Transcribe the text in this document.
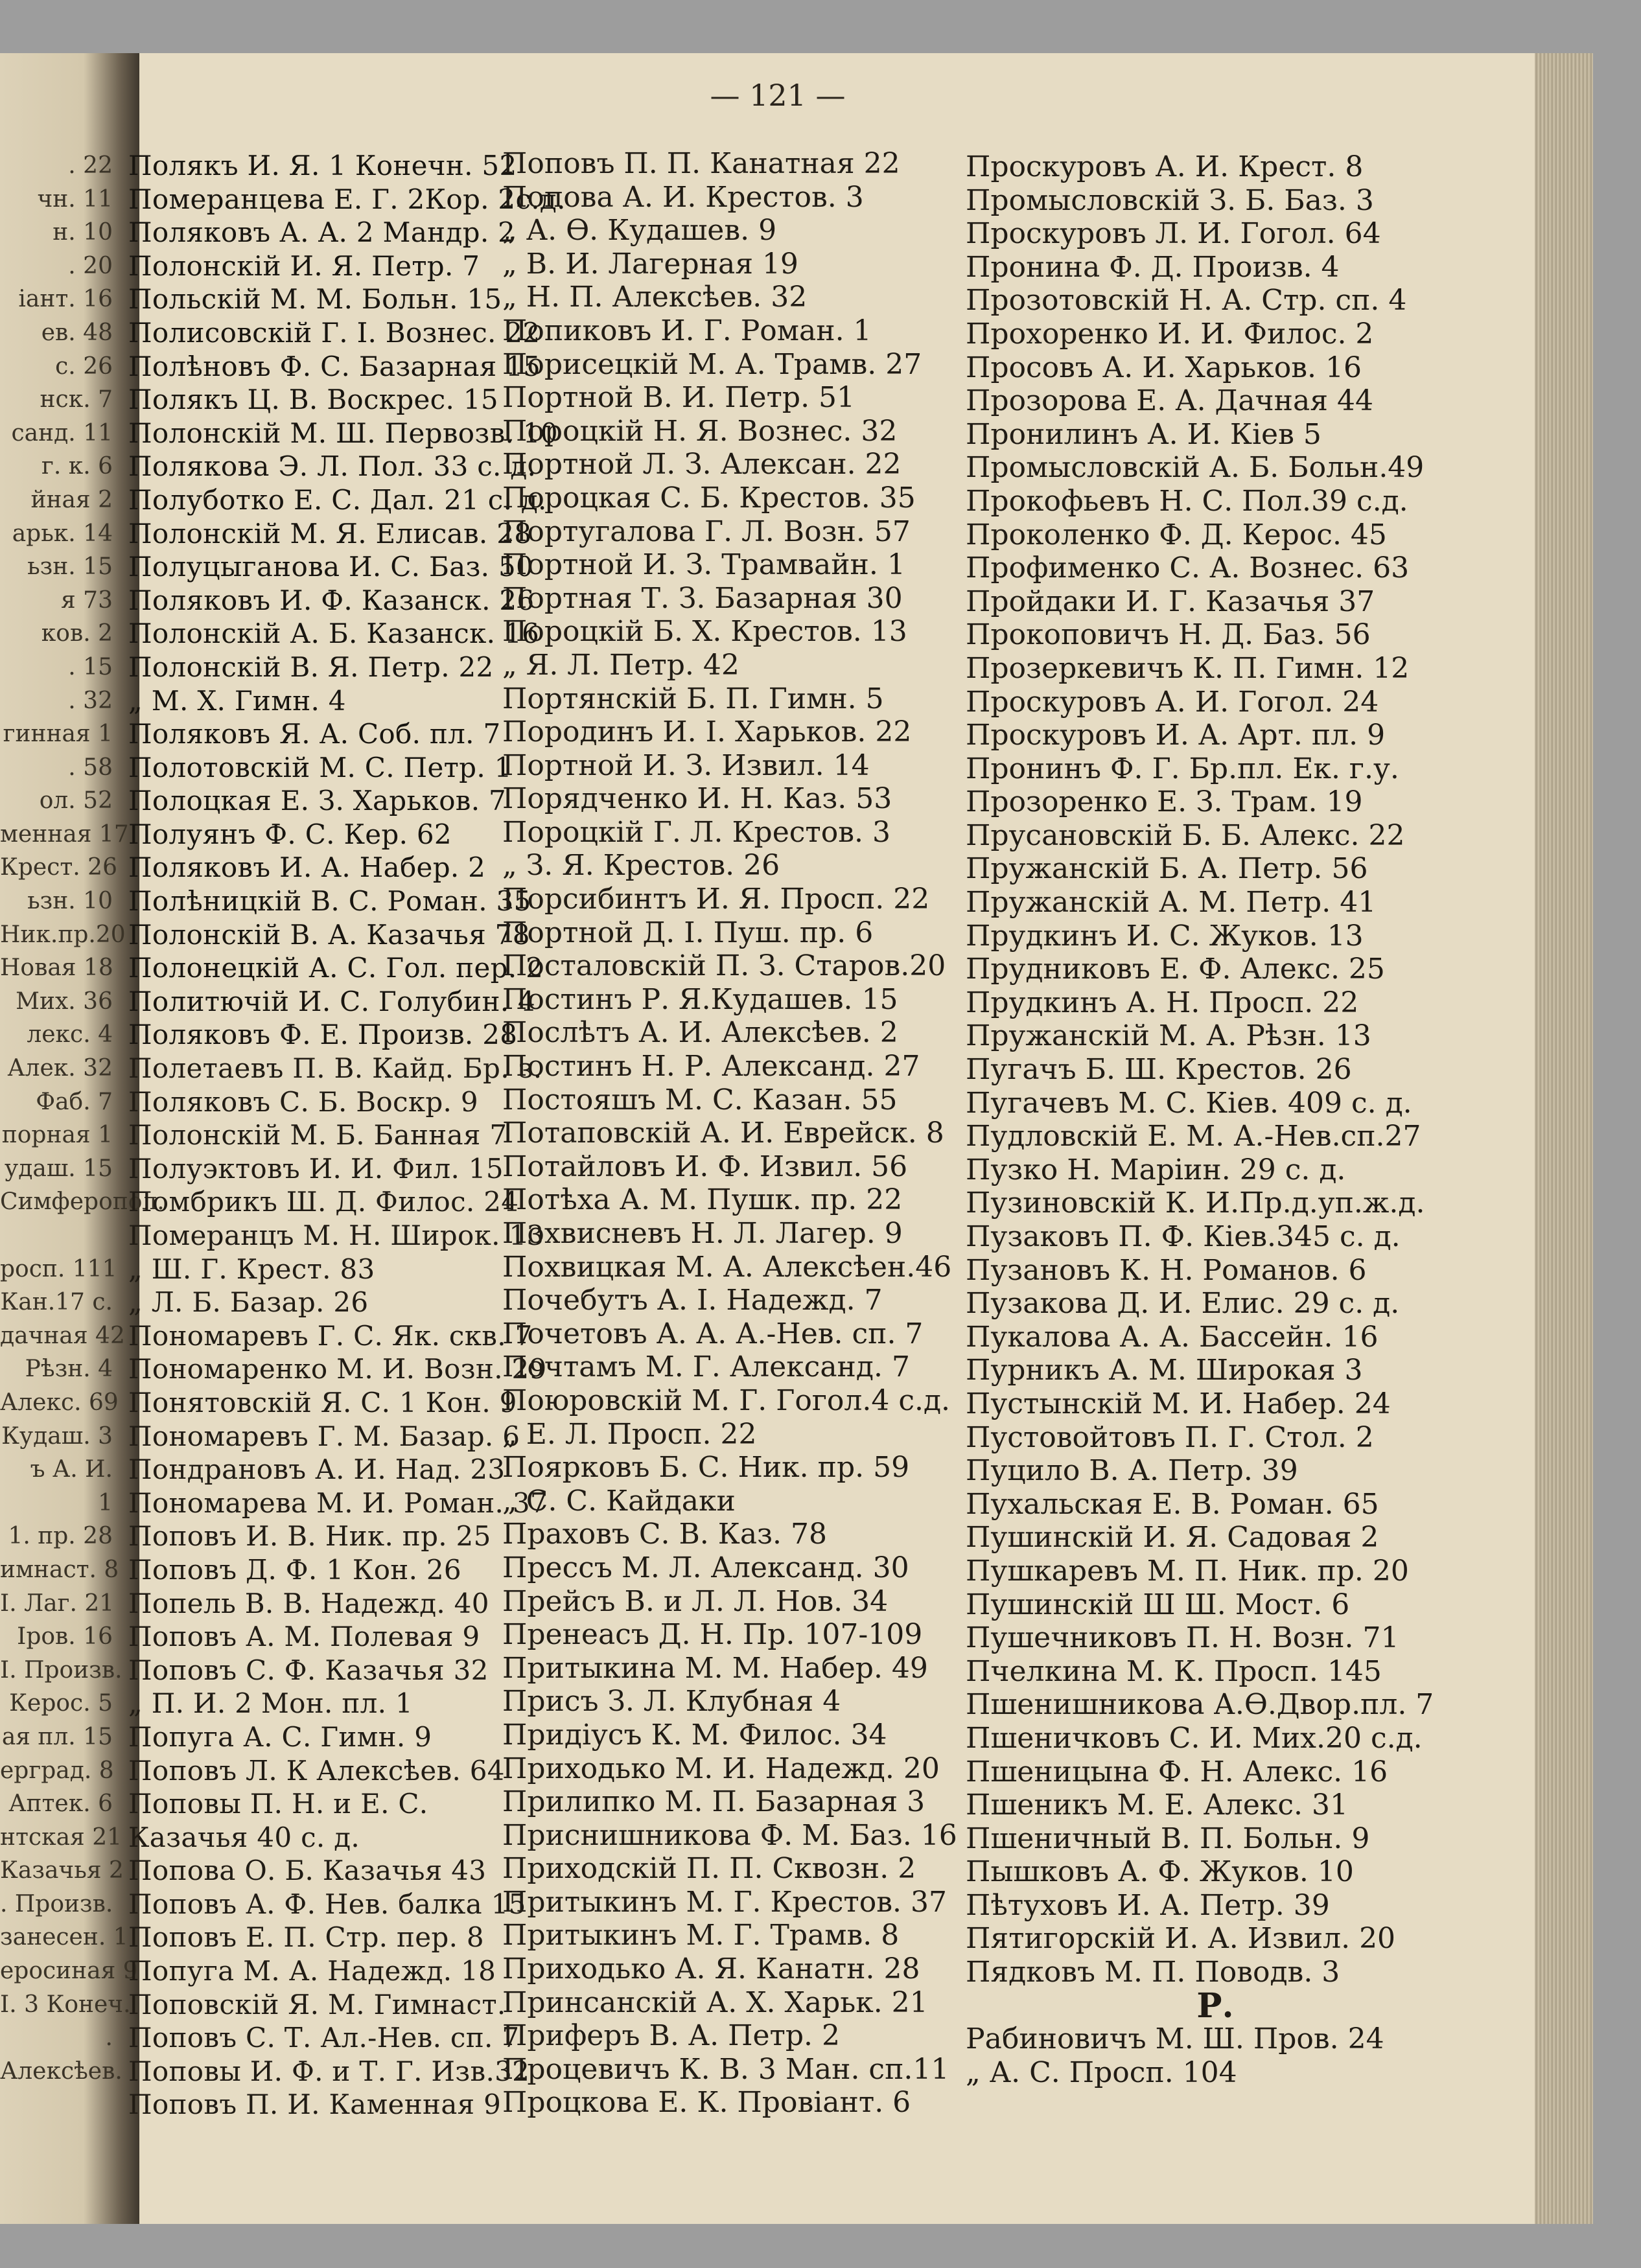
— 121 —
. 22
чн. 11
н. 10
. 20
іант. 16
ев. 48
с. 26
нск. 7
санд. 11
г. к. 6
йная 2
арьк. 14
ьзн. 15
я 73
ков. 2
. 15
. 32
гинная 1
. 58
ол. 52
менная 17
Крест. 26
ьзн. 10
Ник.пр.20
Новая 18
Мих. 36
лекс. 4
Алек. 32
Фаб. 7
порная 1
удаш. 15
Симферопол.
росп. 111
Кан.17 с.
дачная 42
Рѣзн. 4
Алекс. 69
Кудаш. 3
ъ А. И.
1
1. пр. 28
имнаст. 8
I. Лаг. 21
Іров. 16
I. Произв.
Керос. 5
ая пл. 15
ерград. 8
Аптек. 6
нтская 21
Казачья 2
. Произв.
занесен. 1
еросиная 9
I. 3 Конеч.
.
Алексѣев.
Полякъ И. Я. 1 Конечн. 52
Померанцева Е. Г. 2Кор. 2с.д.
Поляковъ А. А. 2 Мандр. 2
Полонскій И. Я. Петр. 7
Польскій М. М. Больн. 15
Полисовскій Г. І. Вознес. 22
Полѣновъ Ф. С. Базарная 15
Полякъ Ц. В. Воскрес. 15
Полонскій М. Ш. Первозв. 10
Полякова Э. Л. Пол. 33 с. д.
Полуботко Е. С. Дал. 21 с. д.
Полонскій М. Я. Елисав. 28
Полуцыганова И. С. Баз. 50
Поляковъ И. Ф. Казанск. 26
Полонскій А. Б. Казанск. 16
Полонскій В. Я. Петр. 22
„ М. Х. Гимн. 4
Поляковъ Я. А. Соб. пл. 7
Полотовскій М. С. Петр. 1
Полоцкая Е. З. Харьков. 7
Полуянъ Ф. С. Кер. 62
Поляковъ И. А. Набер. 2
Полѣницкій В. С. Роман. 35
Полонскій В. А. Казачья 78
Полонецкій А. С. Гол. пер. 2
Политючій И. С. Голубин. 4
Поляковъ Ф. Е. Произв. 28
Полетаевъ П. В. Кайд. Бр. з.
Поляковъ С. Б. Воскр. 9
Полонскій М. Б. Банная 7
Полуэктовъ И. И. Фил. 15
Помбрикъ Ш. Д. Филос. 24
Померанцъ М. Н. Широк. 13
„ Ш. Г. Крест. 83
„ Л. Б. Базар. 26
Пономаревъ Г. С. Як. скв. 7
Пономаренко М. И. Возн. 29
Понятовскій Я. С. 1 Кон. 9
Пономаревъ Г. М. Базар. 6
Пондрановъ А. И. Над. 23
Пономарева М. И. Роман. 37
Поповъ И. В. Ник. пр. 25
Поповъ Д. Ф. 1 Кон. 26
Попель В. В. Надежд. 40
Поповъ А. М. Полевая 9
Поповъ С. Ф. Казачья 32
„ П. И. 2 Мон. пл. 1
Попуга А. С. Гимн. 9
Поповъ Л. К Алексѣев. 64
Поповы П. Н. и Е. С.
Казачья 40 с. д.
Попова О. Б. Казачья 43
Поповъ А. Ф. Нев. балка 15
Поповъ Е. П. Стр. пер. 8
Попуга М. А. Надежд. 18
Поповскій Я. М. Гимнаст.
Поповъ С. Т. Ал.-Нев. сп. 7
Поповы И. Ф. и Т. Г. Изв.32
Поповъ П. И. Каменная 9
Поповъ П. П. Канатная 22
Попова А. И. Крестов. 3
„ А. Ѳ. Кудашев. 9
„ В. И. Лагерная 19
„ Н. П. Алексѣев. 32
Попиковъ И. Г. Роман. 1
Порисецкій М. А. Трамв. 27
Портной В. И. Петр. 51
Пороцкій Н. Я. Вознес. 32
Портной Л. З. Алексан. 22
Пороцкая С. Б. Крестов. 35
Португалова Г. Л. Возн. 57
Портной И. З. Трамвайн. 1
Портная Т. З. Базарная 30
Пороцкій Б. Х. Крестов. 13
„ Я. Л. Петр. 42
Портянскій Б. П. Гимн. 5
Породинъ И. І. Харьков. 22
Портной И. З. Извил. 14
Порядченко И. Н. Каз. 53
Пороцкій Г. Л. Крестов. 3
„ З. Я. Крестов. 26
Порсибинтъ И. Я. Просп. 22
Портной Д. І. Пуш. пр. 6
Посталовскій П. З. Старов.20
Постинъ Р. Я.Кудашев. 15
Послѣтъ А. И. Алексѣев. 2
Постинъ Н. Р. Александ. 27
Постояшъ М. С. Казан. 55
Потаповскій А. И. Еврейск. 8
Потайловъ И. Ф. Извил. 56
Потѣха А. М. Пушк. пр. 22
Похвисневъ Н. Л. Лагер. 9
Похвицкая М. А. Алексѣен.46
Почебутъ А. І. Надежд. 7
Почетовъ А. А. А.-Нев. сп. 7
Почтамъ М. Г. Александ. 7
Поюровскій М. Г. Гогол.4 с.д.
„ Е. Л. Просп. 22
Поярковъ Б. С. Ник. пр. 59
„ С. С. Кайдаки
Праховъ С. В. Каз. 78
Прессъ М. Л. Александ. 30
Прейсъ В. и Л. Л. Нов. 34
Пренеасъ Д. Н. Пр. 107-109
Притыкина М. М. Набер. 49
Присъ З. Л. Клубная 4
Придіусъ К. М. Филос. 34
Приходько М. И. Надежд. 20
Прилипко М. П. Базарная 3
Приснишникова Ф. М. Баз. 16
Приходскій П. П. Сквозн. 2
Притыкинъ М. Г. Крестов. 37
Притыкинъ М. Г. Трамв. 8
Приходько А. Я. Канатн. 28
Принсанскій А. Х. Харьк. 21
Приферъ В. А. Петр. 2
Процевичъ К. В. 3 Ман. сп.11
Процкова Е. К. Провіант. 6
Проскуровъ А. И. Крест. 8
Промысловскій З. Б. Баз. 3
Проскуровъ Л. И. Гогол. 64
Пронина Ф. Д. Произв. 4
Прозотовскій Н. А. Стр. сп. 4
Прохоренко И. И. Филос. 2
Просовъ А. И. Харьков. 16
Прозорова Е. А. Дачная 44
Пронилинъ А. И. Кiев 5
Промысловскій А. Б. Больн.49
Прокофьевъ Н. С. Пол.39 с.д.
Проколенко Ф. Д. Керос. 45
Профименко С. А. Вознес. 63
Пройдаки И. Г. Казачья 37
Прокоповичъ Н. Д. Баз. 56
Прозеркевичъ К. П. Гимн. 12
Проскуровъ А. И. Гогол. 24
Проскуровъ И. А. Арт. пл. 9
Пронинъ Ф. Г. Бр.пл. Ек. г.у.
Прозоренко Е. З. Трам. 19
Прусановскій Б. Б. Алекс. 22
Пружанскій Б. А. Петр. 56
Пружанскій А. М. Петр. 41
Прудкинъ И. С. Жуков. 13
Прудниковъ Е. Ф. Алекс. 25
Прудкинъ А. Н. Просп. 22
Пружанскій М. А. Рѣзн. 13
Пугачъ Б. Ш. Крестов. 26
Пугачевъ М. С. Кiев. 409 с. д.
Пудловскій Е. М. А.-Нев.сп.27
Пузко Н. Маріин. 29 с. д.
Пузиновскій К. И.Пр.д.уп.ж.д.
Пузаковъ П. Ф. Кiев.345 с. д.
Пузановъ К. Н. Романов. 6
Пузакова Д. И. Елис. 29 с. д.
Пукалова А. А. Бассейн. 16
Пурникъ А. М. Широкая 3
Пустынскій М. И. Набер. 24
Пустовойтовъ П. Г. Стол. 2
Пуцило В. А. Петр. 39
Пухальская Е. В. Роман. 65
Пушинскій И. Я. Садовая 2
Пушкаревъ М. П. Ник. пр. 20
Пушинскій Ш Ш. Мост. 6
Пушечниковъ П. Н. Возн. 71
Пчелкина М. К. Просп. 145
Пшенишникова А.Ѳ.Двор.пл. 7
Пшеничковъ С. И. Мих.20 с.д.
Пшеницына Ф. Н. Алекс. 16
Пшеникъ М. Е. Алекс. 31
Пшеничный В. П. Больн. 9
Пышковъ А. Ф. Жуков. 10
Пѣтуховъ И. А. Петр. 39
Пятигорскій И. А. Извил. 20
Пядковъ М. П. Поводв. 3
Р.
Рабиновичъ М. Ш. Пров. 24
„ А. С. Просп. 104
